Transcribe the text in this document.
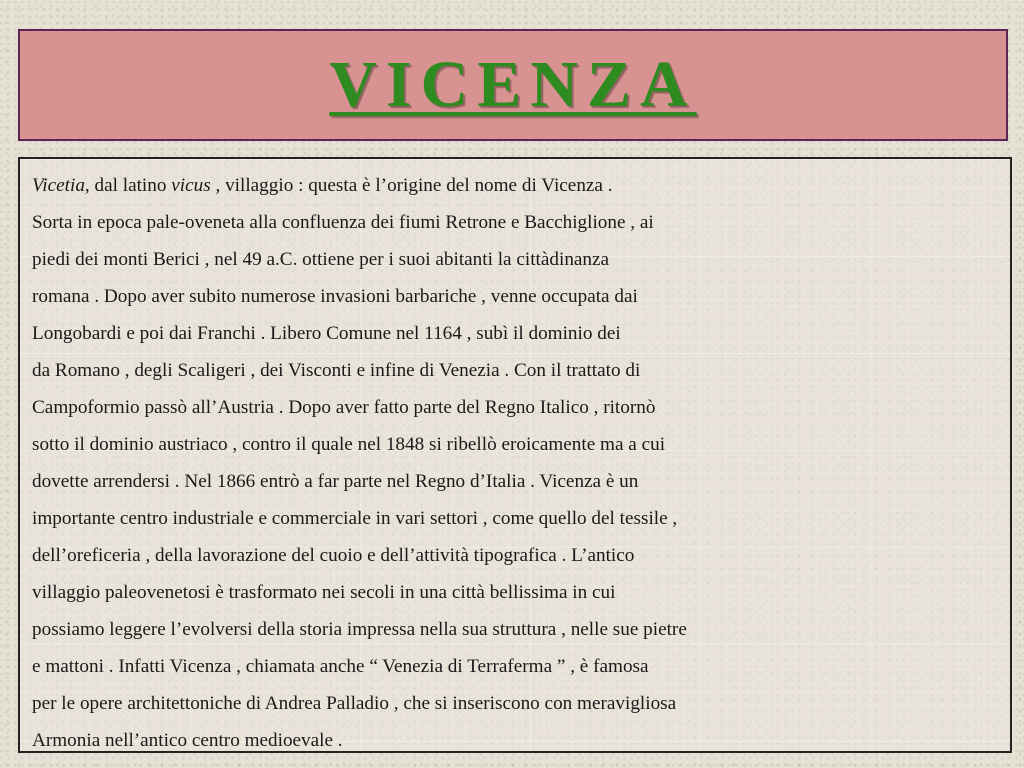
VICENZA

Vicetia, dal latino vicus , villaggio : questa è l’origine del nome di Vicenza .
Sorta in epoca pale-oveneta alla confluenza dei fiumi Retrone e Bacchiglione , ai
piedi dei monti Berici , nel 49 a.C. ottiene per i suoi abitanti la cittàdinanza
romana . Dopo aver subito numerose invasioni barbariche , venne occupata dai
Longobardi e poi dai Franchi . Libero Comune nel 1164 , subì il dominio dei
da Romano , degli Scaligeri , dei Visconti e infine di Venezia . Con il trattato di
Campoformio passò all’Austria . Dopo aver fatto parte del Regno Italico , ritornò
sotto il dominio austriaco , contro il quale nel 1848 si ribellò eroicamente ma a cui
dovette arrendersi . Nel 1866 entrò a far parte nel Regno d’Italia . Vicenza è un
importante centro industriale e commerciale in vari settori , come quello del tessile ,
dell’oreficeria , della lavorazione del cuoio e dell’attività tipografica . L’antico
villaggio paleovenetosi è trasformato nei secoli in una città bellissima in cui
possiamo leggere l’evolversi della storia impressa nella sua struttura , nelle sue pietre
e mattoni . Infatti Vicenza , chiamata anche “ Venezia di Terraferma ” , è famosa
per le opere architettoniche di Andrea Palladio , che si inseriscono con meravigliosa
Armonia nell’antico centro medioevale .
